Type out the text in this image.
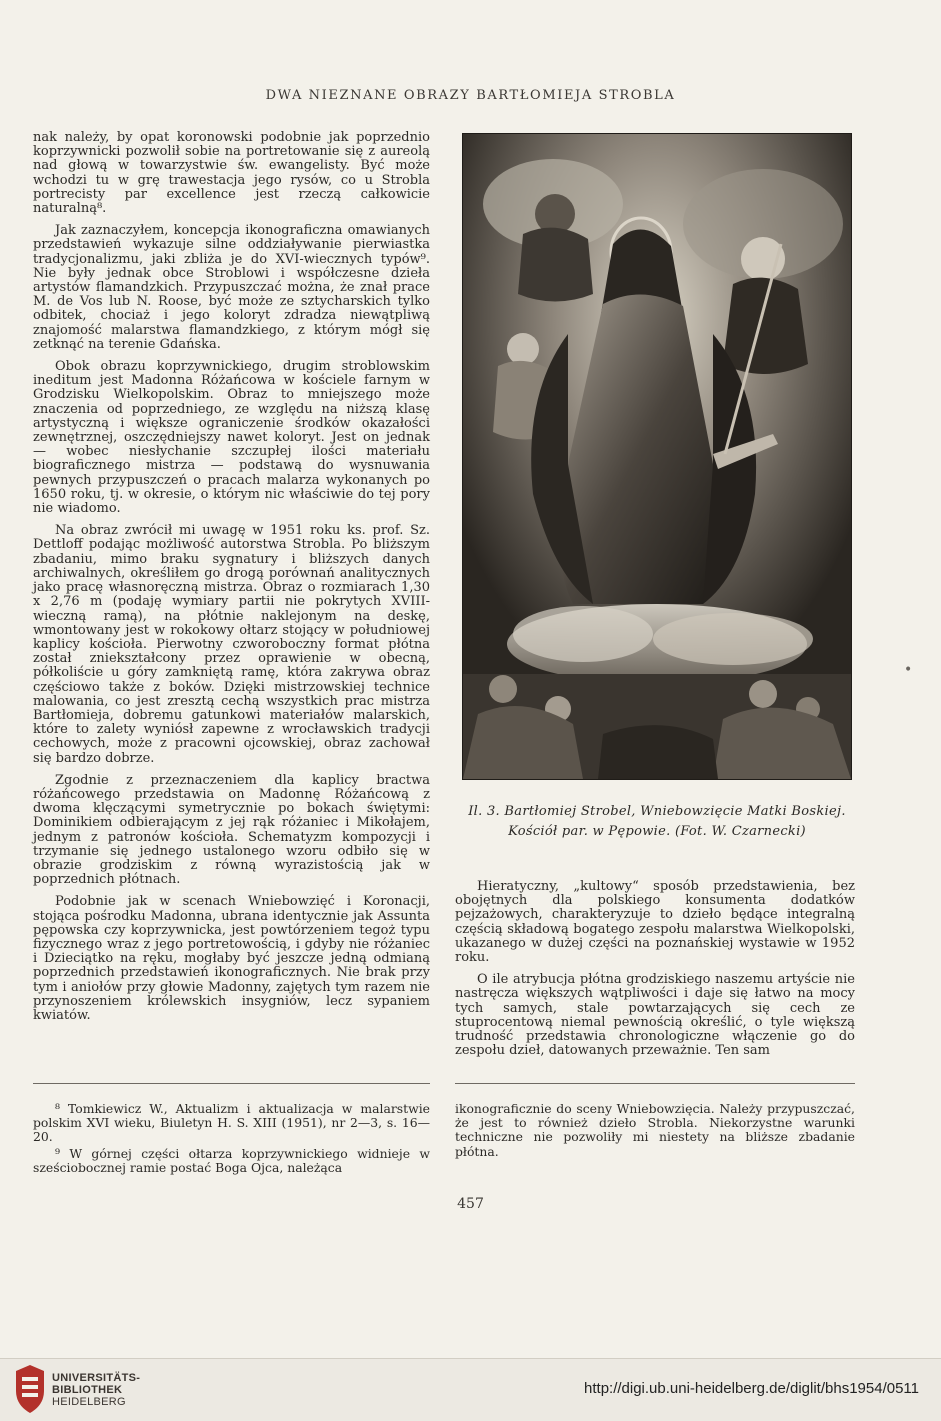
DWA NIEZNANE OBRAZY BARTŁOMIEJA STROBLA

nak należy, by opat koronowski podobnie jak poprzednio koprzywnicki pozwolił sobie na portretowanie się z aureolą nad głową w towarzystwie św. ewangelisty. Być może wchodzi tu w grę trawestacja jego rysów, co u Strobla portrecisty par excellence jest rzeczą całkowicie naturalną⁸.

Jak zaznaczyłem, koncepcja ikonograficzna omawianych przedstawień wykazuje silne oddziaływanie pierwiastka tradycjonalizmu, jaki zbliża je do XVI-wiecznych typów⁹. Nie były jednak obce Stroblowi i współczesne dzieła artystów flamandzkich. Przypuszczać można, że znał prace M. de Vos lub N. Roose, być może ze sztycharskich tylko odbitek, chociaż i jego koloryt zdradza niewątpliwą znajomość malarstwa flamandzkiego, z którym mógł się zetknąć na terenie Gdańska.

Obok obrazu koprzywnickiego, drugim stroblowskim ineditum jest Madonna Różańcowa w kościele farnym w Grodzisku Wielkopolskim. Obraz to mniejszego może znaczenia od poprzedniego, ze względu na niższą klasę artystyczną i większe ograniczenie środków okazałości zewnętrznej, oszczędniejszy nawet koloryt. Jest on jednak — wobec niesłychanie szczupłej ilości materiału biograficznego mistrza — podstawą do wysnuwania pewnych przypuszczeń o pracach malarza wykonanych po 1650 roku, tj. w okresie, o którym nic właściwie do tej pory nie wiadomo.

Na obraz zwrócił mi uwagę w 1951 roku ks. prof. Sz. Dettloff podając możliwość autorstwa Strobla. Po bliższym zbadaniu, mimo braku sygnatury i bliższych danych archiwalnych, określiłem go drogą porównań analitycznych jako pracę własnoręczną mistrza. Obraz o rozmiarach 1,30 x 2,76 m (podaję wymiary partii nie pokrytych XVIII-wieczną ramą), na płótnie naklejonym na deskę, wmontowany jest w rokokowy ołtarz stojący w południowej kaplicy kościoła. Pierwotny czworoboczny format płótna został zniekształcony przez oprawienie w obecną, półkoliście u góry zamkniętą ramę, która zakrywa obraz częściowo także z boków. Dzięki mistrzowskiej technice malowania, co jest zresztą cechą wszystkich prac mistrza Bartłomieja, dobremu gatunkowi materiałów malarskich, które to zalety wyniósł zapewne z wrocławskich tradycji cechowych, może z pracowni ojcowskiej, obraz zachował się bardzo dobrze.

Zgodnie z przeznaczeniem dla kaplicy bractwa różańcowego przedstawia on Madonnę Różańcową z dwoma klęczącymi symetrycznie po bokach świętymi: Dominikiem odbierającym z jej rąk różaniec i Mikołajem, jednym z patronów kościoła. Schematyzm kompozycji i trzymanie się jednego ustalonego wzoru odbiło się w obrazie grodziskim z równą wyrazistością jak w poprzednich płótnach.

Podobnie jak w scenach Wniebowzięć i Koronacji, stojąca pośrodku Madonna, ubrana identycznie jak Assunta pępowska czy koprzywnicka, jest powtórzeniem tegoż typu fizycznego wraz z jego portretowością, i gdyby nie różaniec i Dzieciątko na ręku, mogłaby być jeszcze jedną odmianą poprzednich przedstawień ikonograficznych. Nie brak przy tym i aniołów przy głowie Madonny, zajętych tym razem nie przynoszeniem królewskich insygniów, lecz sypaniem kwiatów.

Il. 3. Bartłomiej Strobel, Wniebowzięcie Matki Boskiej.
Kościół par. w Pępowie. (Fot. W. Czarnecki)

Hieratyczny, „kultowy“ sposób przedstawienia, bez obojętnych dla polskiego konsumenta dodatków pejzażowych, charakteryzuje to dzieło będące integralną częścią składową bogatego zespołu malarstwa Wielkopolski, ukazanego w dużej części na poznańskiej wystawie w 1952 roku.

O ile atrybucja płótna grodziskiego naszemu artyście nie nastręcza większych wątpliwości i daje się łatwo na mocy tych samych, stale powtarzających się cech ze stuprocentową niemal pewnością określić, o tyle większą trudność przedstawia chronologiczne włączenie go do zespołu dzieł, datowanych przeważnie. Ten sam

⁸ Tomkiewicz W., Aktualizm i aktualizacja w malarstwie polskim XVI wieku, Biuletyn H. S. XIII (1951), nr 2—3, s. 16—20.

⁹ W górnej części ołtarza koprzywnickiego widnieje w sześciobocznej ramie postać Boga Ojca, należąca

ikonograficznie do sceny Wniebowzięcia. Należy przypuszczać, że jest to również dzieło Strobla. Niekorzystne warunki techniczne nie pozwoliły mi niestety na bliższe zbadanie płótna.

457
•
UNIVERSITÄTS-
BIBLIOTHEK
HEIDELBERG
http://digi.ub.uni-heidelberg.de/diglit/bhs1954/0511
